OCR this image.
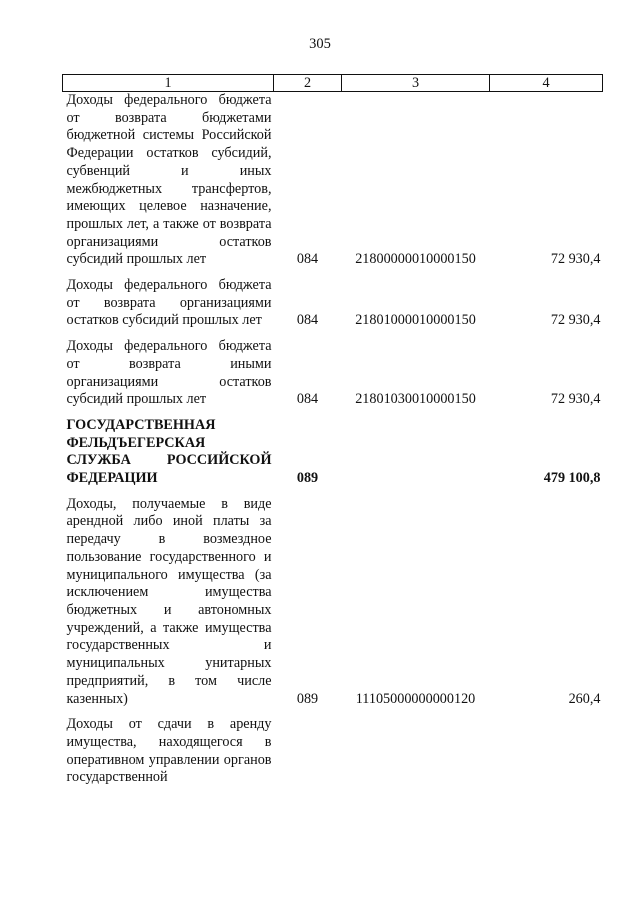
305
1	2	3	4
Доходы федерального бюджета от возврата бюджетами бюджетной системы Российской Федерации остатков субсидий, субвенций и иных межбюджетных трансфертов, имеющих целевое назначение, прошлых лет, а также от возврата организациями остатков субсидий прошлых лет	084	21800000010000150	72 930,4

Доходы федерального бюджета от возврата организациями остатков субсидий прошлых лет	084	21801000010000150	72 930,4

Доходы федерального бюджета от возврата иными организациями остатков субсидий прошлых лет	084	21801030010000150	72 930,4

ГОСУДАРСТВЕННАЯ ФЕЛЬДЪЕГЕРСКАЯ СЛУЖБА РОССИЙСКОЙ ФЕДЕРАЦИИ	089		479 100,8

Доходы, получаемые в виде арендной либо иной платы за передачу в возмездное пользование государственного и муниципального имущества (за исключением имущества бюджетных и автономных учреждений, а также имущества государственных и муниципальных унитарных предприятий, в том числе казенных)	089	11105000000000120	260,4

Доходы от сдачи в аренду имущества, находящегося в оперативном управлении органов государственной			
